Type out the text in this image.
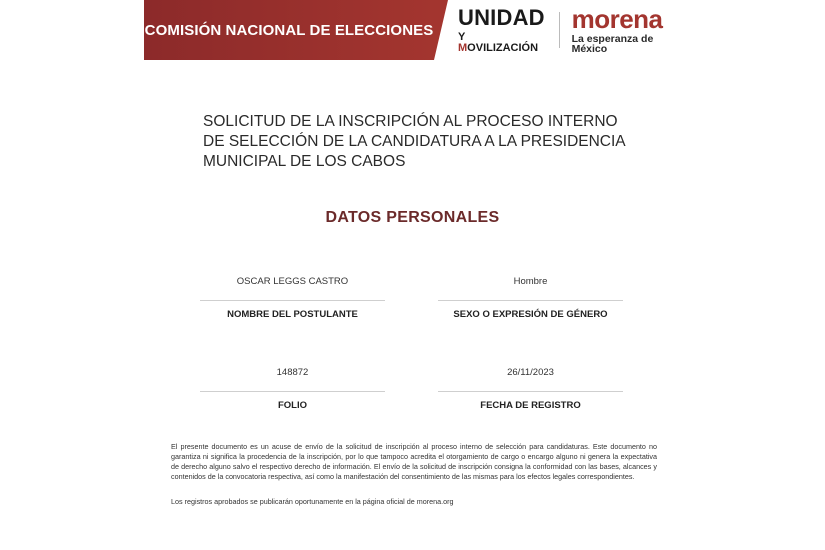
COMISIÓN NACIONAL DE ELECCIONES
UNIDAD
Y MOVILIZACIÓN
morena
La esperanza de México
SOLICITUD DE LA INSCRIPCIÓN AL PROCESO INTERNO DE SELECCIÓN DE LA CANDIDATURA A LA PRESIDENCIA MUNICIPAL DE LOS CABOS
DATOS PERSONALES
OSCAR LEGGS CASTRO
NOMBRE DEL POSTULANTE
Hombre
SEXO O EXPRESIÓN DE GÉNERO
148872
FOLIO
26/11/2023
FECHA DE REGISTRO
El presente documento es un acuse de envío de la solicitud de inscripción al proceso interno de selección para candidaturas. Este documento no garantiza ni significa la procedencia de la inscripción, por lo que tampoco acredita el otorgamiento de cargo o encargo alguno ni genera la expectativa de derecho alguno salvo el respectivo derecho de información. El envío de la solicitud de inscripción consigna la conformidad con las bases, alcances y contenidos de la convocatoria respectiva, así como la manifestación del consentimiento de las mismas para los efectos legales correspondientes.
Los registros aprobados se publicarán oportunamente en la página oficial de morena.org
